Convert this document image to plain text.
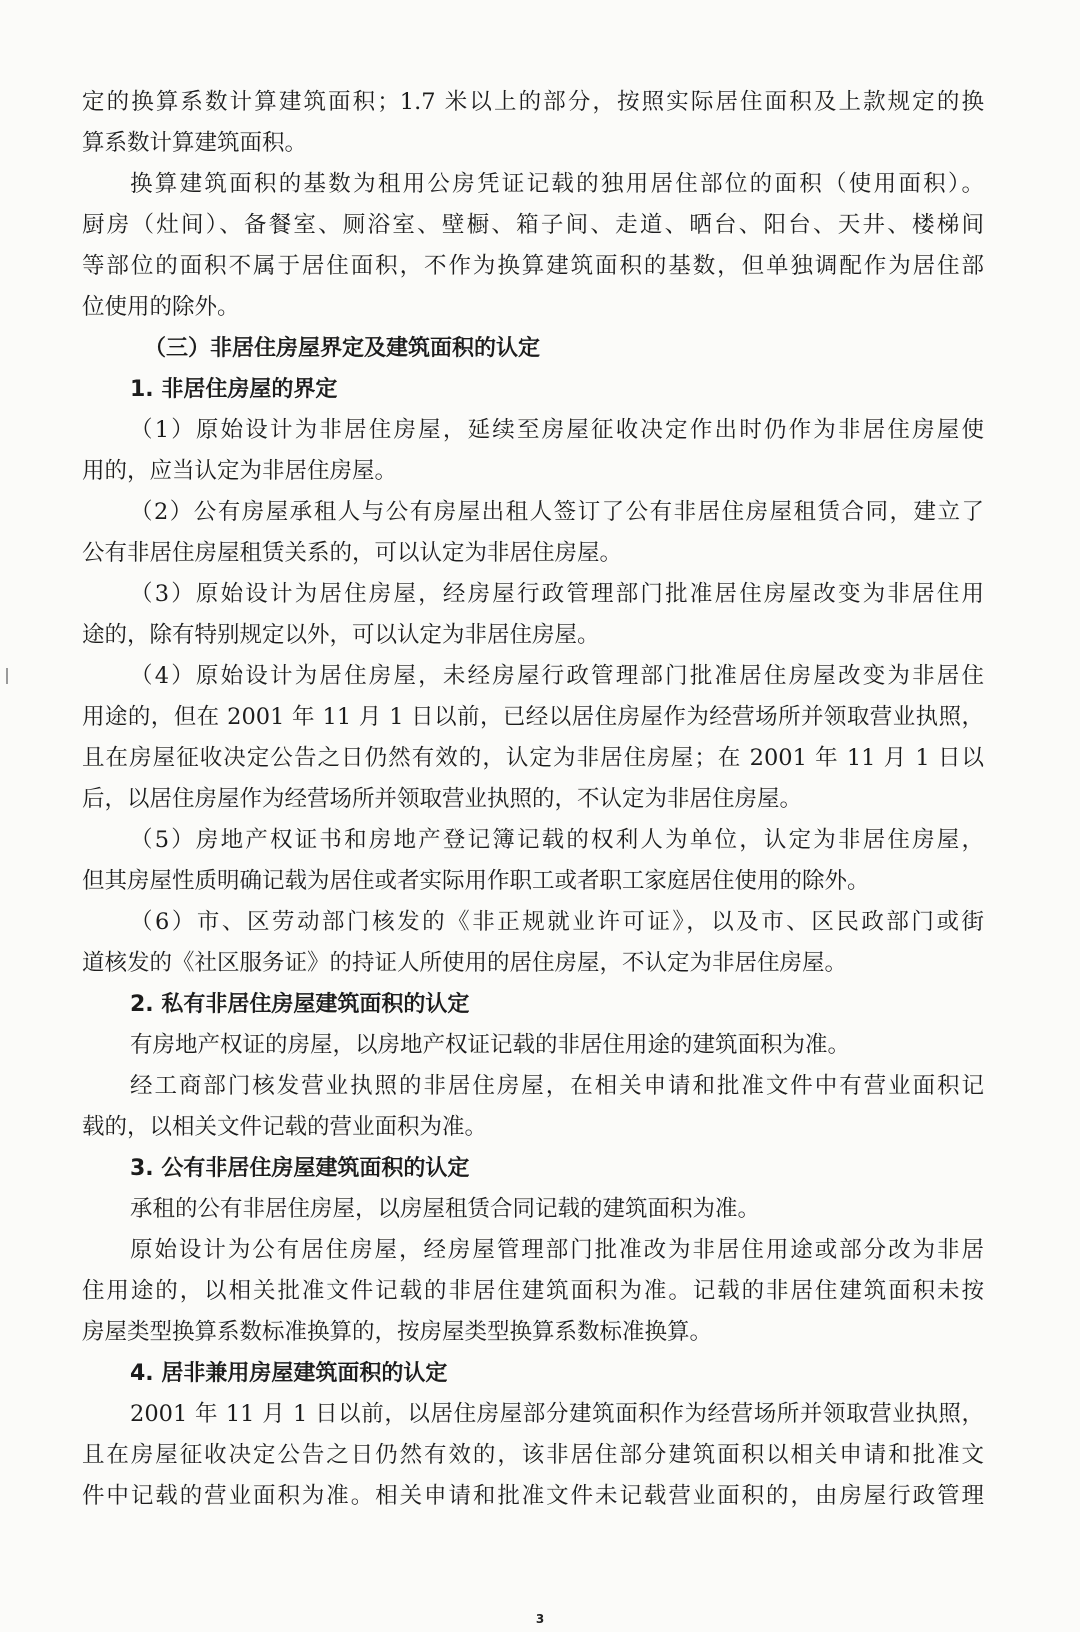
定的换算系数计算建筑面积；1.7 米以上的部分，按照实际居住面积及上款规定的换
算系数计算建筑面积。
换算建筑面积的基数为租用公房凭证记载的独用居住部位的面积（使用面积）。
厨房（灶间）、备餐室、厕浴室、壁橱、箱子间、走道、晒台、阳台、天井、楼梯间
等部位的面积不属于居住面积，不作为换算建筑面积的基数，但单独调配作为居住部
位使用的除外。
（三）非居住房屋界定及建筑面积的认定
1. 非居住房屋的界定
（1）原始设计为非居住房屋，延续至房屋征收决定作出时仍作为非居住房屋使
用的，应当认定为非居住房屋。
（2）公有房屋承租人与公有房屋出租人签订了公有非居住房屋租赁合同，建立了
公有非居住房屋租赁关系的，可以认定为非居住房屋。
（3）原始设计为居住房屋，经房屋行政管理部门批准居住房屋改变为非居住用
途的，除有特别规定以外，可以认定为非居住房屋。
（4）原始设计为居住房屋，未经房屋行政管理部门批准居住房屋改变为非居住
用途的，但在 2001 年 11 月 1 日以前，已经以居住房屋作为经营场所并领取营业执照，
且在房屋征收决定公告之日仍然有效的，认定为非居住房屋；在 2001 年 11 月 1 日以
后，以居住房屋作为经营场所并领取营业执照的，不认定为非居住房屋。
（5）房地产权证书和房地产登记簿记载的权利人为单位，认定为非居住房屋，
但其房屋性质明确记载为居住或者实际用作职工或者职工家庭居住使用的除外。
（6）市、区劳动部门核发的《非正规就业许可证》，以及市、区民政部门或街
道核发的《社区服务证》的持证人所使用的居住房屋，不认定为非居住房屋。
2. 私有非居住房屋建筑面积的认定
有房地产权证的房屋，以房地产权证记载的非居住用途的建筑面积为准。
经工商部门核发营业执照的非居住房屋，在相关申请和批准文件中有营业面积记
载的，以相关文件记载的营业面积为准。
3. 公有非居住房屋建筑面积的认定
承租的公有非居住房屋，以房屋租赁合同记载的建筑面积为准。
原始设计为公有居住房屋，经房屋管理部门批准改为非居住用途或部分改为非居
住用途的，以相关批准文件记载的非居住建筑面积为准。记载的非居住建筑面积未按
房屋类型换算系数标准换算的，按房屋类型换算系数标准换算。
4. 居非兼用房屋建筑面积的认定
2001 年 11 月 1 日以前，以居住房屋部分建筑面积作为经营场所并领取营业执照，
且在房屋征收决定公告之日仍然有效的，该非居住部分建筑面积以相关申请和批准文
件中记载的营业面积为准。相关申请和批准文件未记载营业面积的，由房屋行政管理
3
